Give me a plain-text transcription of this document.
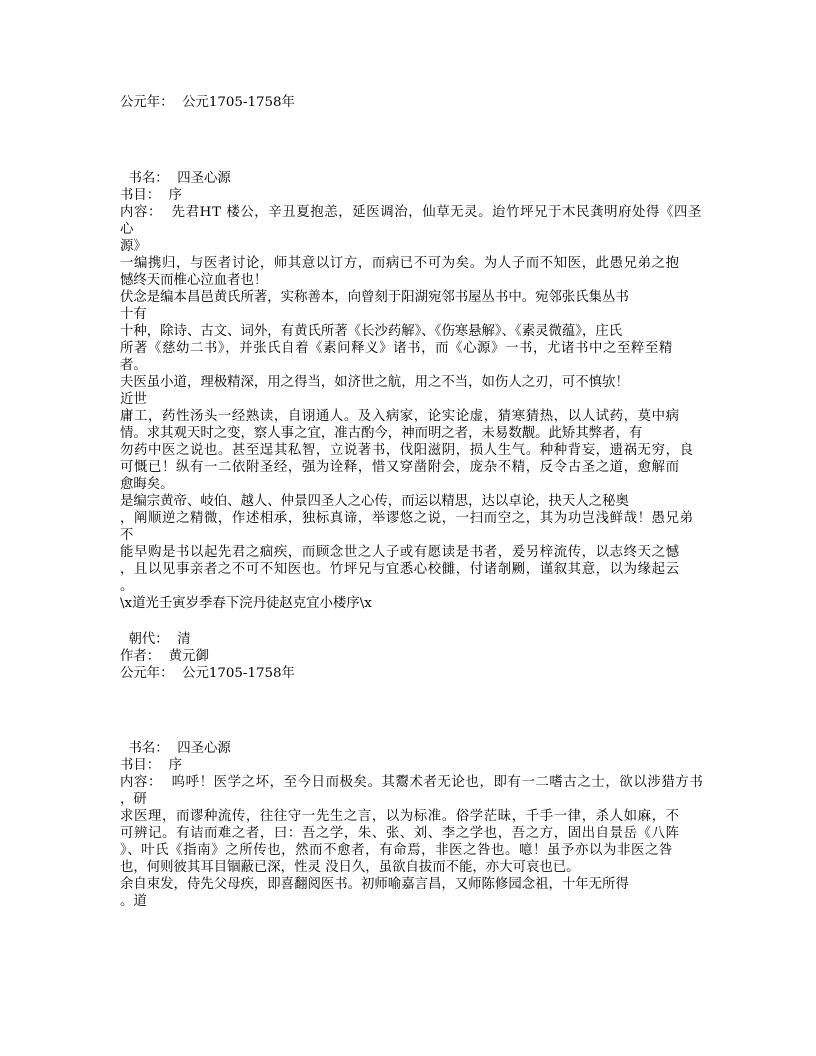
公元年：  公元1705-1758年
书名：  四圣心源
书目：  序
内容：  先君HT 楼公，辛丑夏抱恙，延医调治，仙草无灵。迨竹坪兄于木民龚明府处得《四圣
心
源》
一编携归，与医者讨论，师其意以订方，而病已不可为矣。为人子而不知医，此愚兄弟之抱
憾终天而椎心泣血者也！
伏念是编本昌邑黄氏所著，实称善本，向曾刻于阳湖宛邻书屋丛书中。宛邻张氏集丛书
十有
十种，除诗、古文、词外，有黄氏所著《长沙药解》、《伤寒悬解》、《素灵微蕴》，庄氏
所著《慈幼二书》，并张氏自着《素问释义》诸书，而《心源》一书，尤诸书中之至粹至精
者。
夫医虽小道，理极精深，用之得当，如济世之航，用之不当，如伤人之刃，可不慎欤！
近世
庸工，药性汤头一经熟读，自诩通人。及入病家，论实论虚，猜寒猜热，以人试药，莫中病
情。求其观天时之变，察人事之宜，准古酌今，神而明之者，未易数觏。此矫其弊者，有
勿药中医之说也。甚至逞其私智，立说著书，伐阳滋阴，损人生气。种种背妄，遗祸无穷，良
可慨已！纵有一二依附圣经，强为诠释，惜又穿凿附会，庞杂不精，反令古圣之道，愈解而
愈晦矣。
是编宗黄帝、岐伯、越人、仲景四圣人之心传，而运以精思，达以卓论，抉天人之秘奥
，阐顺逆之精微，作述相承，独标真谛，举谬悠之说，一扫而空之，其为功岂浅鲜哉！愚兄弟
不
能早购是书以起先君之痼疾，而顾念世之人子或有愿读是书者，爰另梓流传，以志终天之憾
，且以见事亲者之不可不知医也。竹坪兄与宜悉心校雠，付诸剞劂，谨叙其意，以为缘起云
。
\x道光壬寅岁季春下浣丹徒赵克宜小楼序\x
朝代：  清
作者：  黄元御
公元年：  公元1705-1758年
书名：  四圣心源
书目：  序
内容：  呜呼！医学之坏，至今日而极矣。其鬻术者无论也，即有一二嗜古之士，欲以涉猎方书
，研
求医理，而谬种流传，往往守一先生之言，以为标准。俗学茫昧，千手一律，杀人如麻，不
可辨记。有诘而难之者，曰：吾之学，朱、张、刘、李之学也，吾之方，固出自景岳《八阵
》、叶氏《指南》之所传也，然而不愈者，有命焉，非医之咎也。噫！虽予亦以为非医之咎
也，何则彼其耳目锢蔽已深，性灵 没日久，虽欲自拔而不能，亦大可哀也已。
余自束发，侍先父母疾，即喜翻阅医书。初师喻嘉言昌，又师陈修园念祖，十年无所得
。道
